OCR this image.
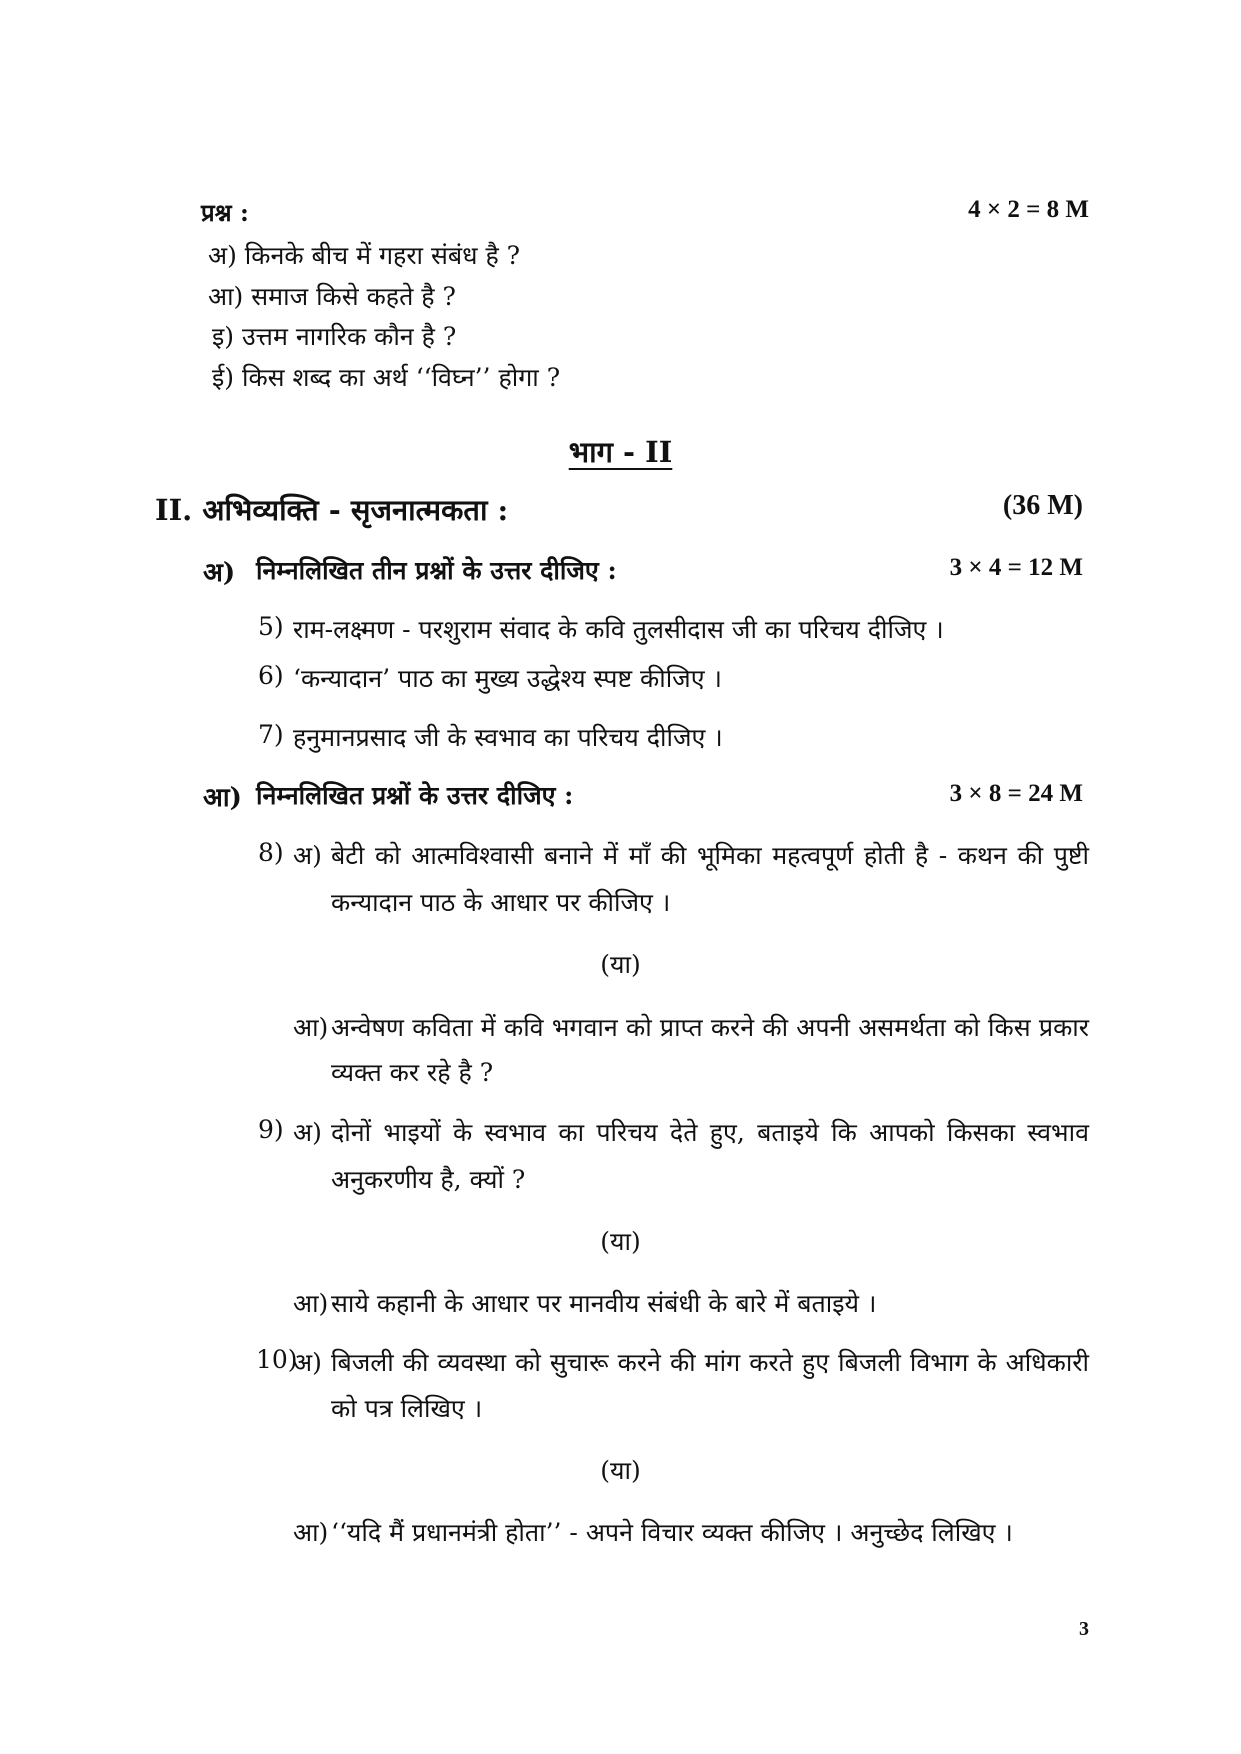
प्रश्न :	4 × 2 = 8 M
अ) किनके बीच में गहरा संबंध है ?
आ) समाज किसे कहते है ?
इ) उत्तम नागरिक कौन है ?
ई) किस शब्द का अर्थ ‘‘विघ्न’’ होगा ?
भाग - II
II. अभिव्यक्ति - सृजनात्मकता :	(36 M)
अ) निम्नलिखित तीन प्रश्नों के उत्तर दीजिए :	3 × 4 = 12 M
5) राम-लक्ष्मण - परशुराम संवाद के कवि तुलसीदास जी का परिचय दीजिए ।
6) ‘कन्यादान’ पाठ का मुख्य उद्धेश्य स्पष्ट कीजिए ।
7) हनुमानप्रसाद जी के स्वभाव का परिचय दीजिए ।
आ) निम्नलिखित प्रश्नों के उत्तर दीजिए :	3 × 8 = 24 M
8) अ) बेटी को आत्मविश्वासी बनाने में माँ की भूमिका महत्वपूर्ण होती है - कथन की पुष्टी
कन्यादान पाठ के आधार पर कीजिए ।
(या)
आ) अन्वेषण कविता में कवि भगवान को प्राप्त करने की अपनी असमर्थता को किस प्रकार
व्यक्त कर रहे है ?
9) अ) दोनों भाइयों के स्वभाव का परिचय देते हुए, बताइये कि आपको किसका स्वभाव
अनुकरणीय है, क्यों ?
(या)
आ) साये कहानी के आधार पर मानवीय संबंधी के बारे में बताइये ।
10)
अ) बिजली की व्यवस्था को सुचारू करने की मांग करते हुए बिजली विभाग के अधिकारी
को पत्र लिखिए ।
(या)
आ) ‘‘यदि मैं प्रधानमंत्री होता’’ - अपने विचार व्यक्त कीजिए । अनुच्छेद लिखिए ।
3
